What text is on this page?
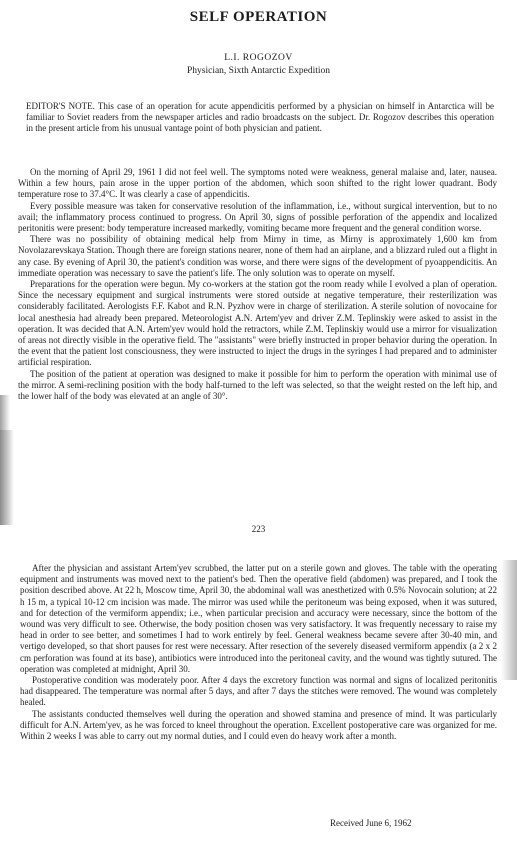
SELF OPERATION
L.I. ROGOZOV
Physician, Sixth Antarctic Expedition

EDITOR'S NOTE. This case of an operation for acute appendicitis performed by a physician on himself in Antarctica will be familiar to Soviet readers from the newspaper articles and radio broadcasts on the subject. Dr. Rogozov describes this operation in the present article from his unusual vantage point of both physician and patient.

On the morning of April 29, 1961 I did not feel well. The symptoms noted were weakness, general malaise and, later, nausea. Within a few hours, pain arose in the upper portion of the abdomen, which soon shifted to the right lower quadrant. Body temperature rose to 37.4°C. It was clearly a case of appendicitis.

Every possible measure was taken for conservative resolution of the inflammation, i.e., without surgical intervention, but to no avail; the inflammatory process continued to progress. On April 30, signs of possible perforation of the appendix and localized peritonitis were present: body temperature increased markedly, vomiting became more frequent and the general condition worse.

There was no possibility of obtaining medical help from Mirny in time, as Mirny is approximately 1,600 km from Novolazarevskaya Station. Though there are foreign stations nearer, none of them had an airplane, and a blizzard ruled out a flight in any case. By evening of April 30, the patient's condition was worse, and there were signs of the development of pyoappendicitis. An immediate operation was necessary to save the patient's life. The only solution was to operate on myself.

Preparations for the operation were begun. My co-workers at the station got the room ready while I evolved a plan of operation. Since the necessary equipment and surgical instruments were stored outside at negative temperature, their resterilization was considerably facilitated. Aerologists F.F. Kabot and R.N. Pyzhov were in charge of sterilization. A sterile solution of novocaine for local anesthesia had already been prepared. Meteorologist A.N. Artem'yev and driver Z.M. Teplinskiy were asked to assist in the operation. It was decided that A.N. Artem'yev would hold the retractors, while Z.M. Teplinskiy would use a mirror for visualization of areas not directly visible in the operative field. The "assistants" were briefly instructed in proper behavior during the operation. In the event that the patient lost consciousness, they were instructed to inject the drugs in the syringes I had prepared and to administer artificial respiration.

The position of the patient at operation was designed to make it possible for him to perform the operation with minimal use of the mirror. A semi-reclining position with the body half-turned to the left was selected, so that the weight rested on the left hip, and the lower half of the body was elevated at an angle of 30°.

223

After the physician and assistant Artem'yev scrubbed, the latter put on a sterile gown and gloves. The table with the operating equipment and instruments was moved next to the patient's bed. Then the operative field (abdomen) was prepared, and I took the position described above. At 22 h, Moscow time, April 30, the abdominal wall was anesthetized with 0.5% Novocain solution; at 22 h 15 m, a typical 10-12 cm incision was made. The mirror was used while the peritoneum was being exposed, when it was sutured, and for detection of the vermiform appendix; i.e., when particular precision and accuracy were necessary, since the bottom of the wound was very difficult to see. Otherwise, the body position chosen was very satisfactory. It was frequently necessary to raise my head in order to see better, and sometimes I had to work entirely by feel. General weakness became severe after 30-40 min, and vertigo developed, so that short pauses for rest were necessary. After resection of the severely diseased vermiform appendix (a 2 x 2 cm perforation was found at its base), antibiotics were introduced into the peritoneal cavity, and the wound was tightly sutured. The operation was completed at midnight, April 30.

Postoperative condition was moderately poor. After 4 days the excretory function was normal and signs of localized peritonitis had disappeared. The temperature was normal after 5 days, and after 7 days the stitches were removed. The wound was completely healed.

The assistants conducted themselves well during the operation and showed stamina and presence of mind. It was particularly difficult for A.N. Artem'yev, as he was forced to kneel throughout the operation. Excellent postoperative care was organized for me. Within 2 weeks I was able to carry out my normal duties, and I could even do heavy work after a month.

Received June 6, 1962
